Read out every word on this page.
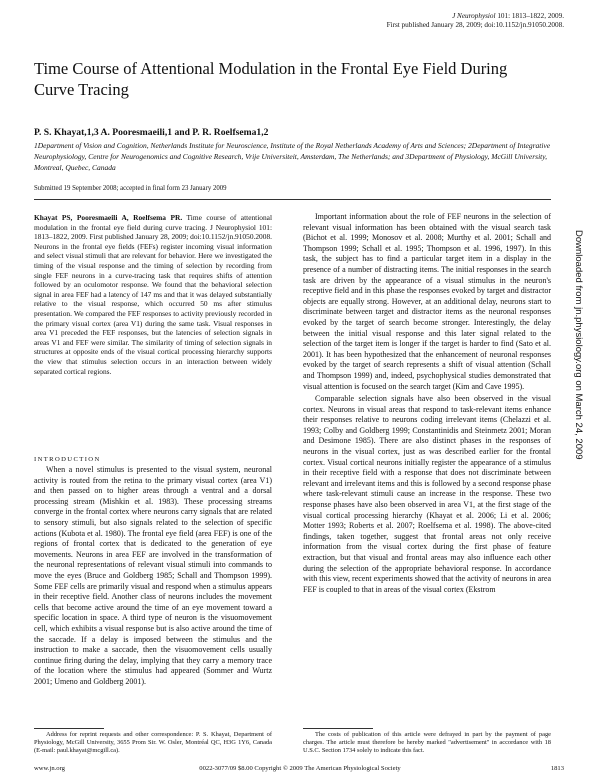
J Neurophysiol 101: 1813–1822, 2009.
First published January 28, 2009; doi:10.1152/jn.91050.2008.
Time Course of Attentional Modulation in the Frontal Eye Field During Curve Tracing
P. S. Khayat,1,3 A. Pooresmaeili,1 and P. R. Roelfsema1,2
1Department of Vision and Cognition, Netherlands Institute for Neuroscience, Institute of the Royal Netherlands Academy of Arts and Sciences; 2Department of Integrative Neurophysiology, Centre for Neurogenomics and Cognitive Research, Vrije Universiteit, Amsterdam, The Netherlands; and 3Department of Physiology, McGill University, Montreal, Quebec, Canada
Submitted 19 September 2008; accepted in final form 23 January 2009
Khayat PS, Pooresmaeili A, Roelfsema PR. Time course of attentional modulation in the frontal eye field during curve tracing. J Neurophysiol 101: 1813–1822, 2009. First published January 28, 2009; doi:10.1152/jn.91050.2008. Neurons in the frontal eye fields (FEFs) register incoming visual information and select visual stimuli that are relevant for behavior. Here we investigated the timing of the visual response and the timing of selection by recording from single FEF neurons in a curve-tracing task that requires shifts of attention followed by an oculomotor response. We found that the behavioral selection signal in area FEF had a latency of 147 ms and that it was delayed substantially relative to the visual response, which occurred 50 ms after stimulus presentation. We compared the FEF responses to activity previously recorded in the primary visual cortex (area V1) during the same task. Visual responses in area V1 preceded the FEF responses, but the latencies of selection signals in areas V1 and FEF were similar. The similarity of timing of selection signals in structures at opposite ends of the visual cortical processing hierarchy supports the view that stimulus selection occurs in an interaction between widely separated cortical regions.
INTRODUCTION
When a novel stimulus is presented to the visual system, neuronal activity is routed from the retina to the primary visual cortex (area V1) and then passed on to higher areas through a ventral and a dorsal processing stream (Mishkin et al. 1983). These processing streams converge in the frontal cortex where neurons carry signals that are related to sensory stimuli, but also signals related to the selection of specific actions (Kubota et al. 1980). The frontal eye field (area FEF) is one of the regions of frontal cortex that is dedicated to the generation of eye movements. Neurons in area FEF are involved in the transformation of the neuronal representations of relevant visual stimuli into commands to move the eyes (Bruce and Goldberg 1985; Schall and Thompson 1999). Some FEF cells are primarily visual and respond when a stimulus appears in their receptive field. Another class of neurons includes the movement cells that become active around the time of an eye movement toward a specific location in space. A third type of neuron is the visuomovement cell, which exhibits a visual response but is also active around the time of the saccade. If a delay is imposed between the stimulus and the instruction to make a saccade, then the visuomovement cells usually continue firing during the delay, implying that they carry a memory trace of the location where the stimulus had appeared (Sommer and Wurtz 2001; Umeno and Goldberg 2001).

Important information about the role of FEF neurons in the selection of relevant visual information has been obtained with the visual search task (Bichot et al. 1999; Monosov et al. 2008; Murthy et al. 2001; Schall and Thompson 1999; Schall et al. 1995; Thompson et al. 1996, 1997). In this task, the subject has to find a particular target item in a display in the presence of a number of distracting items. The initial responses in the search task are driven by the appearance of a visual stimulus in the neuron's receptive field and in this phase the responses evoked by target and distractor objects are equally strong. However, at an additional delay, neurons start to discriminate between target and distractor items as the neuronal responses evoked by the target of search become stronger. Interestingly, the delay between the initial visual response and this later signal related to the selection of the target item is longer if the target is harder to find (Sato et al. 2001). It has been hypothesized that the enhancement of neuronal responses evoked by the target of search represents a shift of visual attention (Schall and Thompson 1999) and, indeed, psychophysical studies demonstrated that visual attention is focused on the search target (Kim and Cave 1995).

Comparable selection signals have also been observed in the visual cortex. Neurons in visual areas that respond to task-relevant items enhance their responses relative to neurons coding irrelevant items (Chelazzi et al. 1993; Colby and Goldberg 1999; Constantinidis and Steinmetz 2001; Moran and Desimone 1985). There are also distinct phases in the responses of neurons in the visual cortex, just as was described earlier for the frontal cortex. Visual cortical neurons initially register the appearance of a stimulus in their receptive field with a response that does not discriminate between relevant and irrelevant items and this is followed by a second response phase where task-relevant stimuli cause an increase in the response. These two response phases have also been observed in area V1, at the first stage of the visual cortical processing hierarchy (Khayat et al. 2006; Li et al. 2006; Motter 1993; Roberts et al. 2007; Roelfsema et al. 1998). The above-cited findings, taken together, suggest that frontal areas not only receive information from the visual cortex during the first phase of feature extraction, but that visual and frontal areas may also influence each other during the selection of the appropriate behavioral response. In accordance with this view, recent experiments showed that the activity of neurons in area FEF is coupled to that in areas of the visual cortex (Ekstrom

Downloaded from jn.physiology.org on March 24, 2009
Address for reprint requests and other correspondence: P. S. Khayat, Department of Physiology, McGill University, 3655 Prom Sir. W. Osler, Montréal QC, H3G 1Y6, Canada (E-mail: paul.khayat@mcgill.ca).
The costs of publication of this article were defrayed in part by the payment of page charges. The article must therefore be hereby marked "advertisement" in accordance with 18 U.S.C. Section 1734 solely to indicate this fact.
www.jn.org	0022-3077/09 $8.00 Copyright © 2009 The American Physiological Society	1813
